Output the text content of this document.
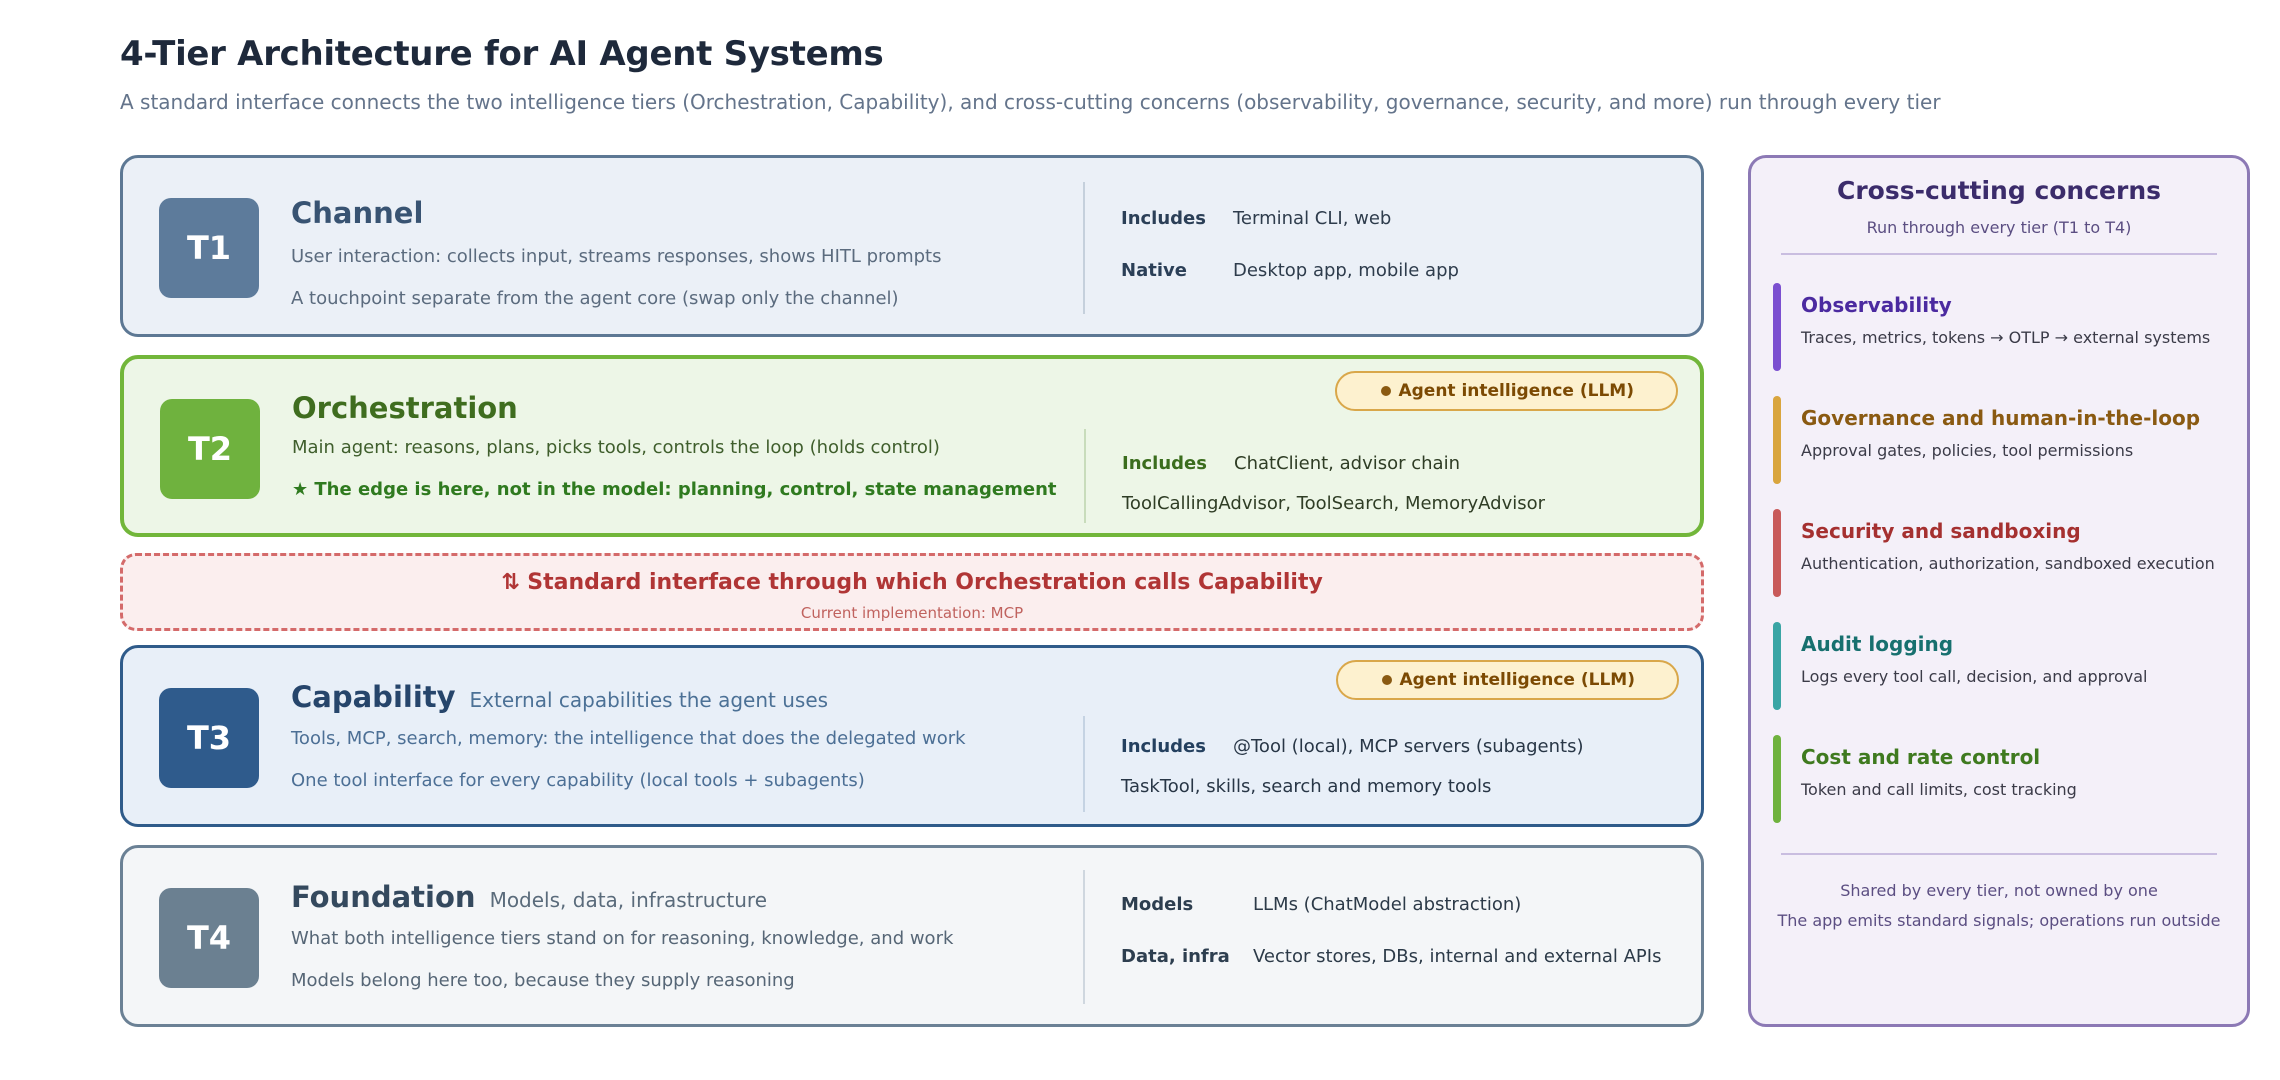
4-Tier Architecture for AI Agent Systems
A standard interface connects the two intelligence tiers (Orchestration, Capability), and cross-cutting concerns (observability, governance, security, and more) run through every tier
T1
Channel
User interaction: collects input, streams responses, shows HITL prompts
A touchpoint separate from the agent core (swap only the channel)
Includes Terminal CLI, web
Native	Desktop app, mobile app
T2
Orchestration	Agent intelligence (LLM)
Main agent: reasons, plans, picks tools, controls the loop (holds control)
★ The edge is here, not in the model: planning, control, state management
Includes ChatClient, advisor chain
ToolCallingAdvisor, ToolSearch, MemoryAdvisor
⇅ Standard interface through which Orchestration calls Capability
Current implementation: MCP
T3
Capability External capabilities the agent uses
Agent intelligence (LLM)
Tools, MCP, search, memory: the intelligence that does the delegated work
One tool interface for every capability (local tools + subagents)
Includes @Tool (local), MCP servers (subagents)
TaskTool, skills, search and memory tools
T4
Foundation Models, data, infrastructure
What both intelligence tiers stand on for reasoning, knowledge, and work
Models belong here too, because they supply reasoning
Models	LLMs (ChatModel abstraction)
Data, infra Vector stores, DBs, internal and external APIs
Cross-cutting concerns
Run through every tier (T1 to T4)
Observability
Traces, metrics, tokens → OTLP → external systems
Governance and human-in-the-loop
Approval gates, policies, tool permissions
Security and sandboxing
Authentication, authorization, sandboxed execution
Audit logging
Logs every tool call, decision, and approval
Cost and rate control
Token and call limits, cost tracking
Shared by every tier, not owned by one
The app emits standard signals; operations run outside
